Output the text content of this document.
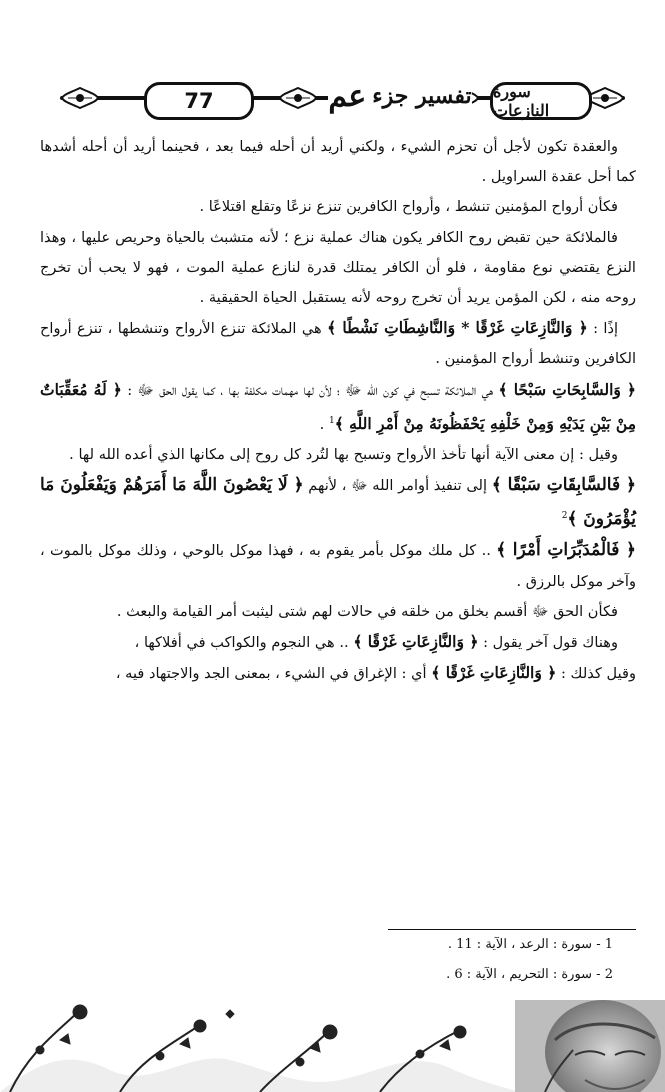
77	تفسير جزء
عم	سورة النازعات

والعقدة تكون لأجل أن تحزم الشيء ، ولكني أريد أن أحله فيما بعد ، فحينما أريد أن أحله أشدها كما أحل عقدة السراويل .

فكأن أرواح المؤمنين تنشط ، وأرواح الكافرين تنزع نزعًا وتقلع اقتلاعًا .

فالملائكة حين تقبض روح الكافر يكون هناك عملية نزع ؛ لأنه متشبث بالحياة وحريص عليها ، وهذا النزع يقتضي نوع مقاومة ، فلو أن الكافر يمتلك قدرة لنازع عملية الموت ، فهو لا يحب أن تخرج روحه منه ، لكن المؤمن يريد أن تخرج روحه لأنه يستقبل الحياة الحقيقية .

إذًا : ﴿ وَالنَّازِعَاتِ غَرْقًا * وَالنَّاشِطَاتِ نَشْطًا ﴾ هي الملائكة تنزع الأرواح وتنشطها ، تنزع أرواح الكافرين وتنشط أرواح المؤمنين .

﴿ وَالسَّابِحَاتِ سَبْحًا ﴾ هي الملائكة تسبح في كون الله ﷻ ؛ لأن لها مهمات مكلفة بها ، كما يقول الحق ﷻ : ﴿ لَهُ مُعَقِّبَاتٌ مِنْ بَيْنِ يَدَيْهِ وَمِنْ خَلْفِهِ يَحْفَظُونَهُ مِنْ أَمْرِ اللَّهِ ﴾$^1$ .

وقيل : إن معنى الآية أنها تأخذ الأرواح وتسبح بها لتُرد كل روح إلى مكانها الذي أعده الله لها .

﴿ فَالسَّابِقَاتِ سَبْقًا ﴾ إلى تنفيذ أوامر الله ﷻ ، لأنهم ﴿ لَا يَعْصُونَ اللَّهَ مَا أَمَرَهُمْ وَيَفْعَلُونَ مَا يُؤْمَرُونَ ﴾$^2$

﴿ فَالْمُدَبِّرَاتِ أَمْرًا ﴾ .. كل ملك موكل بأمر يقوم به ، فهذا موكل بالوحي ، وذلك موكل بالموت ، وآخر موكل بالرزق .

فكأن الحق ﷻ أقسم بخلق من خلقه في حالات لهم شتى ليثبت أمر القيامة والبعث .

وهناك قول آخر يقول : ﴿ وَالنَّازِعَاتِ غَرْقًا ﴾ .. هي النجوم والكواكب في أفلاكها ،

وقيل كذلك : ﴿ وَالنَّازِعَاتِ غَرْقًا ﴾ أي : الإغراق في الشيء ، بمعنى الجد والاجتهاد فيه ،

1 - سورة : الرعد ، الآية : 11 .
2 - سورة : التحريم ، الآية : 6 .
